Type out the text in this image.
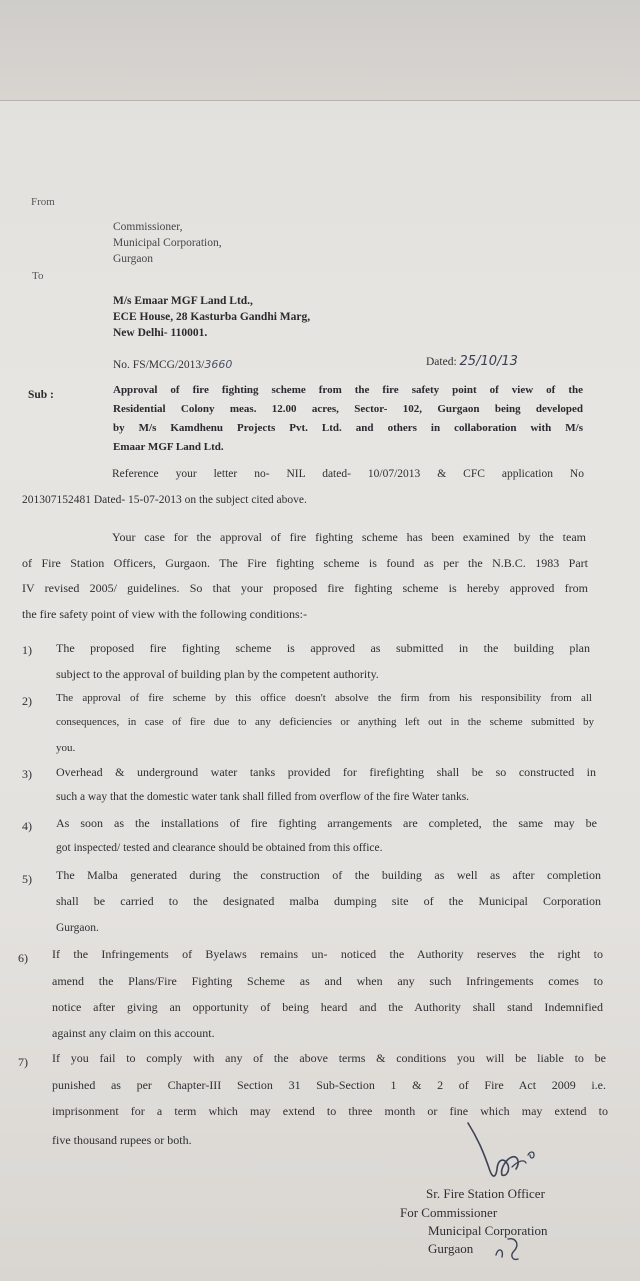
From
Commissioner,
Municipal Corporation,
Gurgaon
To
M/s Emaar MGF Land Ltd.,
ECE House, 28 Kasturba Gandhi Marg,
New Delhi- 110001.
No. FS/MCG/2013/3660	Dated: 25/10/13
Sub :	Approval of fire fighting scheme from the fire safety point of view of the
Residential Colony meas. 12.00 acres, Sector- 102, Gurgaon being developed
by M/s Kamdhenu Projects Pvt. Ltd. and others in collaboration with M/s
Emaar MGF Land Ltd.
Reference your letter no- NIL dated- 10/07/2013 & CFC application No
201307152481 Dated- 15-07-2013 on the subject cited above.
Your case for the approval of fire fighting scheme has been examined by the team
of Fire Station Officers, Gurgaon. The Fire fighting scheme is found as per the N.B.C. 1983 Part
IV revised 2005/ guidelines. So that your proposed fire fighting scheme is hereby approved from
the fire safety point of view with the following conditions:-
1) The proposed fire fighting scheme is approved as submitted in the building plan
subject to the approval of building plan by the competent authority.
2) The approval of fire scheme by this office doesn't absolve the firm from his responsibility from all
consequences, in case of fire due to any deficiencies or anything left out in the scheme submitted by
you.
3) Overhead & underground water tanks provided for firefighting shall be so constructed in
such a way that the domestic water tank shall filled from overflow of the fire Water tanks.
4) As soon as the installations of fire fighting arrangements are completed, the same may be
got inspected/ tested and clearance should be obtained from this office.
5) The Malba generated during the construction of the building as well as after completion
shall be carried to the designated malba dumping site of the Municipal Corporation
Gurgaon.
6) If the Infringements of Byelaws remains un- noticed the Authority reserves the right to
amend the Plans/Fire Fighting Scheme as and when any such Infringements comes to
notice after giving an opportunity of being heard and the Authority shall stand Indemnified
against any claim on this account.
7) If you fail to comply with any of the above terms & conditions you will be liable to be
punished as per Chapter-III Section 31 Sub-Section 1 & 2 of Fire Act 2009 i.e.
imprisonment for a term which may extend to three month or fine which may extend to
five thousand rupees or both.
Sr. Fire Station Officer
For Commissioner
Municipal Corporation
Gurgaon
